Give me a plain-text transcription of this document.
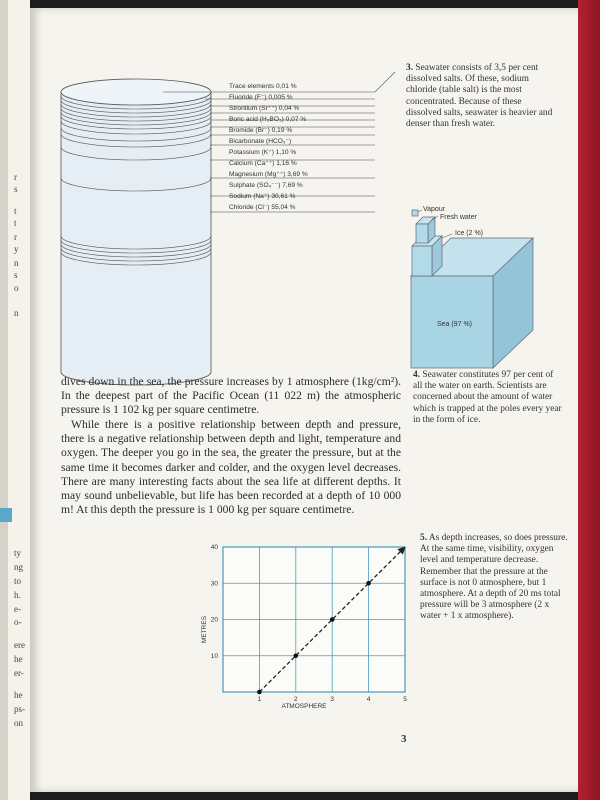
r
s
t
t
r
y
n
s
o
n
ty
ng
to
h.
e-
o-
ere
he
er-
he
ps-
on
Trace elements 0,01 %
Fluoride (F⁻) 0,005 %
Strontium (Sr⁺⁺) 0,04 %
Boric acid (H₃BO₃) 0,07 %
Bromide (Br⁻) 0,19 %
Bicarbonate (HCO₃⁻)
Potassium (K⁺) 1,10 %
Calcium (Ca⁺⁺) 1,16 %
Magnesium (Mg⁺⁺) 3,69 %
Sulphate (SO₄⁻⁻) 7,69 %
Sodium (Na⁺) 30,61 %
Chloride (Cl⁻) 55,04 %	Vapour
Fresh water
Ice (2 %)
Sea (97 %)
1	2	3	4	5
10
20
30
40
ATMOSPHERE
METRES

3. Seawater consists of 3,5 per cent dissolved salts. Of these, sodium chloride (table salt) is the most concentrated. Because of these dissolved salts, seawater is heavier and denser than fresh water.

4. Seawater constitutes 97 per cent of all the water on earth. Scientists are concerned about the amount of water which is trapped at the poles every year in the form of ice.

dives down in the sea, the pressure increases by 1 atmosphere (1kg/cm²). In the deepest part of the Pacific Ocean (11 022 m) the atmospheric pressure is 1 102 kg per square centimetre.

While there is a positive relationship between depth and pressure, there is a negative relationship between depth and light, temperature and oxygen. The deeper you go in the sea, the greater the pressure, but at the same time it becomes darker and colder, and the oxygen level decreases. There are many interesting facts about the sea life at different depths. It may sound unbelievable, but life has been recorded at a depth of 10 000 m! At this depth the pressure is 1 000 kg per square centimetre.

5. As depth increases, so does pressure. At the same time, visibility, oxygen level and temperature decrease. Remember that the pressure at the surface is not 0 atmosphere, but 1 atmosphere. At a depth of 20 ms total pressure will be 3 atmosphere (2 x water + 1 x atmosphere).

3
